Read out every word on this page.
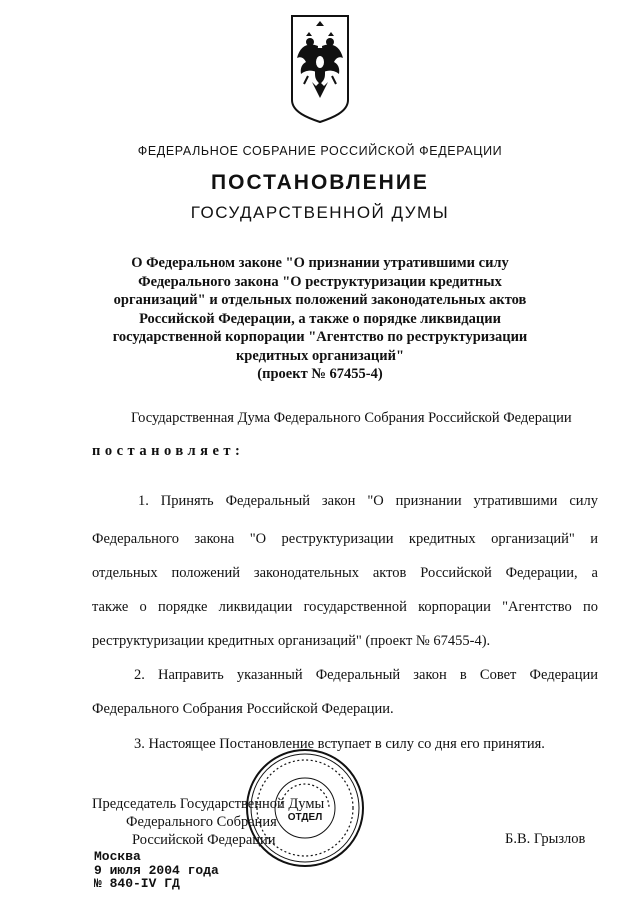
ФЕДЕРАЛЬНОЕ СОБРАНИЕ РОССИЙСКОЙ ФЕДЕРАЦИИ
ПОСТАНОВЛЕНИЕ
ГОСУДАРСТВЕННОЙ ДУМЫ
О Федеральном законе "О признании утратившими силу
Федерального закона "О реструктуризации кредитных
организаций" и отдельных положений законодательных актов
Российской Федерации, а также о порядке ликвидации
государственной корпорации "Агентство по реструктуризации
кредитных организаций"
(проект № 67455-4)
Государственная Дума Федерального Собрания Российской Федерации
постановляет:
1. Принять Федеральный закон "О признании утратившими силу
Федерального закона "О реструктуризации кредитных организаций" и
отдельных положений законодательных актов Российской Федерации, а
также о порядке ликвидации государственной корпорации "Агентство по
реструктуризации кредитных организаций" (проект № 67455-4).
2. Направить указанный Федеральный закон в Совет Федерации
Федерального Собрания Российской Федерации.
3. Настоящее Постановление вступает в силу со дня его принятия.
Председатель Государственной Думы
Федерального Собрания
Российской Федерации	Б.В. Грызлов
ОТДЕЛ
Москва
9 июля 2004 года
№ 840-IV ГД
